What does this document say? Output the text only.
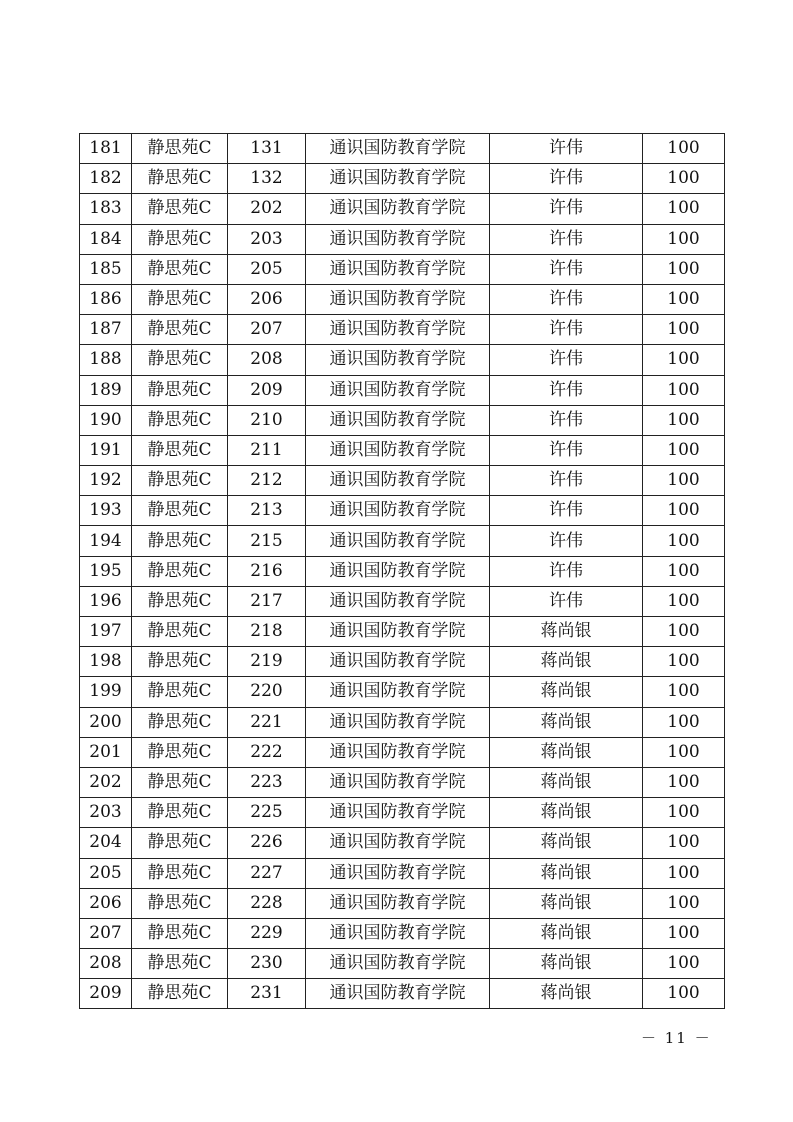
181	静思苑C	131	通识国防教育学院	许伟	100
182	静思苑C	132	通识国防教育学院	许伟	100
183	静思苑C	202	通识国防教育学院	许伟	100
184	静思苑C	203	通识国防教育学院	许伟	100
185	静思苑C	205	通识国防教育学院	许伟	100
186	静思苑C	206	通识国防教育学院	许伟	100
187	静思苑C	207	通识国防教育学院	许伟	100
188	静思苑C	208	通识国防教育学院	许伟	100
189	静思苑C	209	通识国防教育学院	许伟	100
190	静思苑C	210	通识国防教育学院	许伟	100
191	静思苑C	211	通识国防教育学院	许伟	100
192	静思苑C	212	通识国防教育学院	许伟	100
193	静思苑C	213	通识国防教育学院	许伟	100
194	静思苑C	215	通识国防教育学院	许伟	100
195	静思苑C	216	通识国防教育学院	许伟	100
196	静思苑C	217	通识国防教育学院	许伟	100
197	静思苑C	218	通识国防教育学院	蒋尚银	100
198	静思苑C	219	通识国防教育学院	蒋尚银	100
199	静思苑C	220	通识国防教育学院	蒋尚银	100
200	静思苑C	221	通识国防教育学院	蒋尚银	100
201	静思苑C	222	通识国防教育学院	蒋尚银	100
202	静思苑C	223	通识国防教育学院	蒋尚银	100
203	静思苑C	225	通识国防教育学院	蒋尚银	100
204	静思苑C	226	通识国防教育学院	蒋尚银	100
205	静思苑C	227	通识国防教育学院	蒋尚银	100
206	静思苑C	228	通识国防教育学院	蒋尚银	100
207	静思苑C	229	通识国防教育学院	蒋尚银	100
208	静思苑C	230	通识国防教育学院	蒋尚银	100
209	静思苑C	231	通识国防教育学院	蒋尚银	100
－ 11 －
